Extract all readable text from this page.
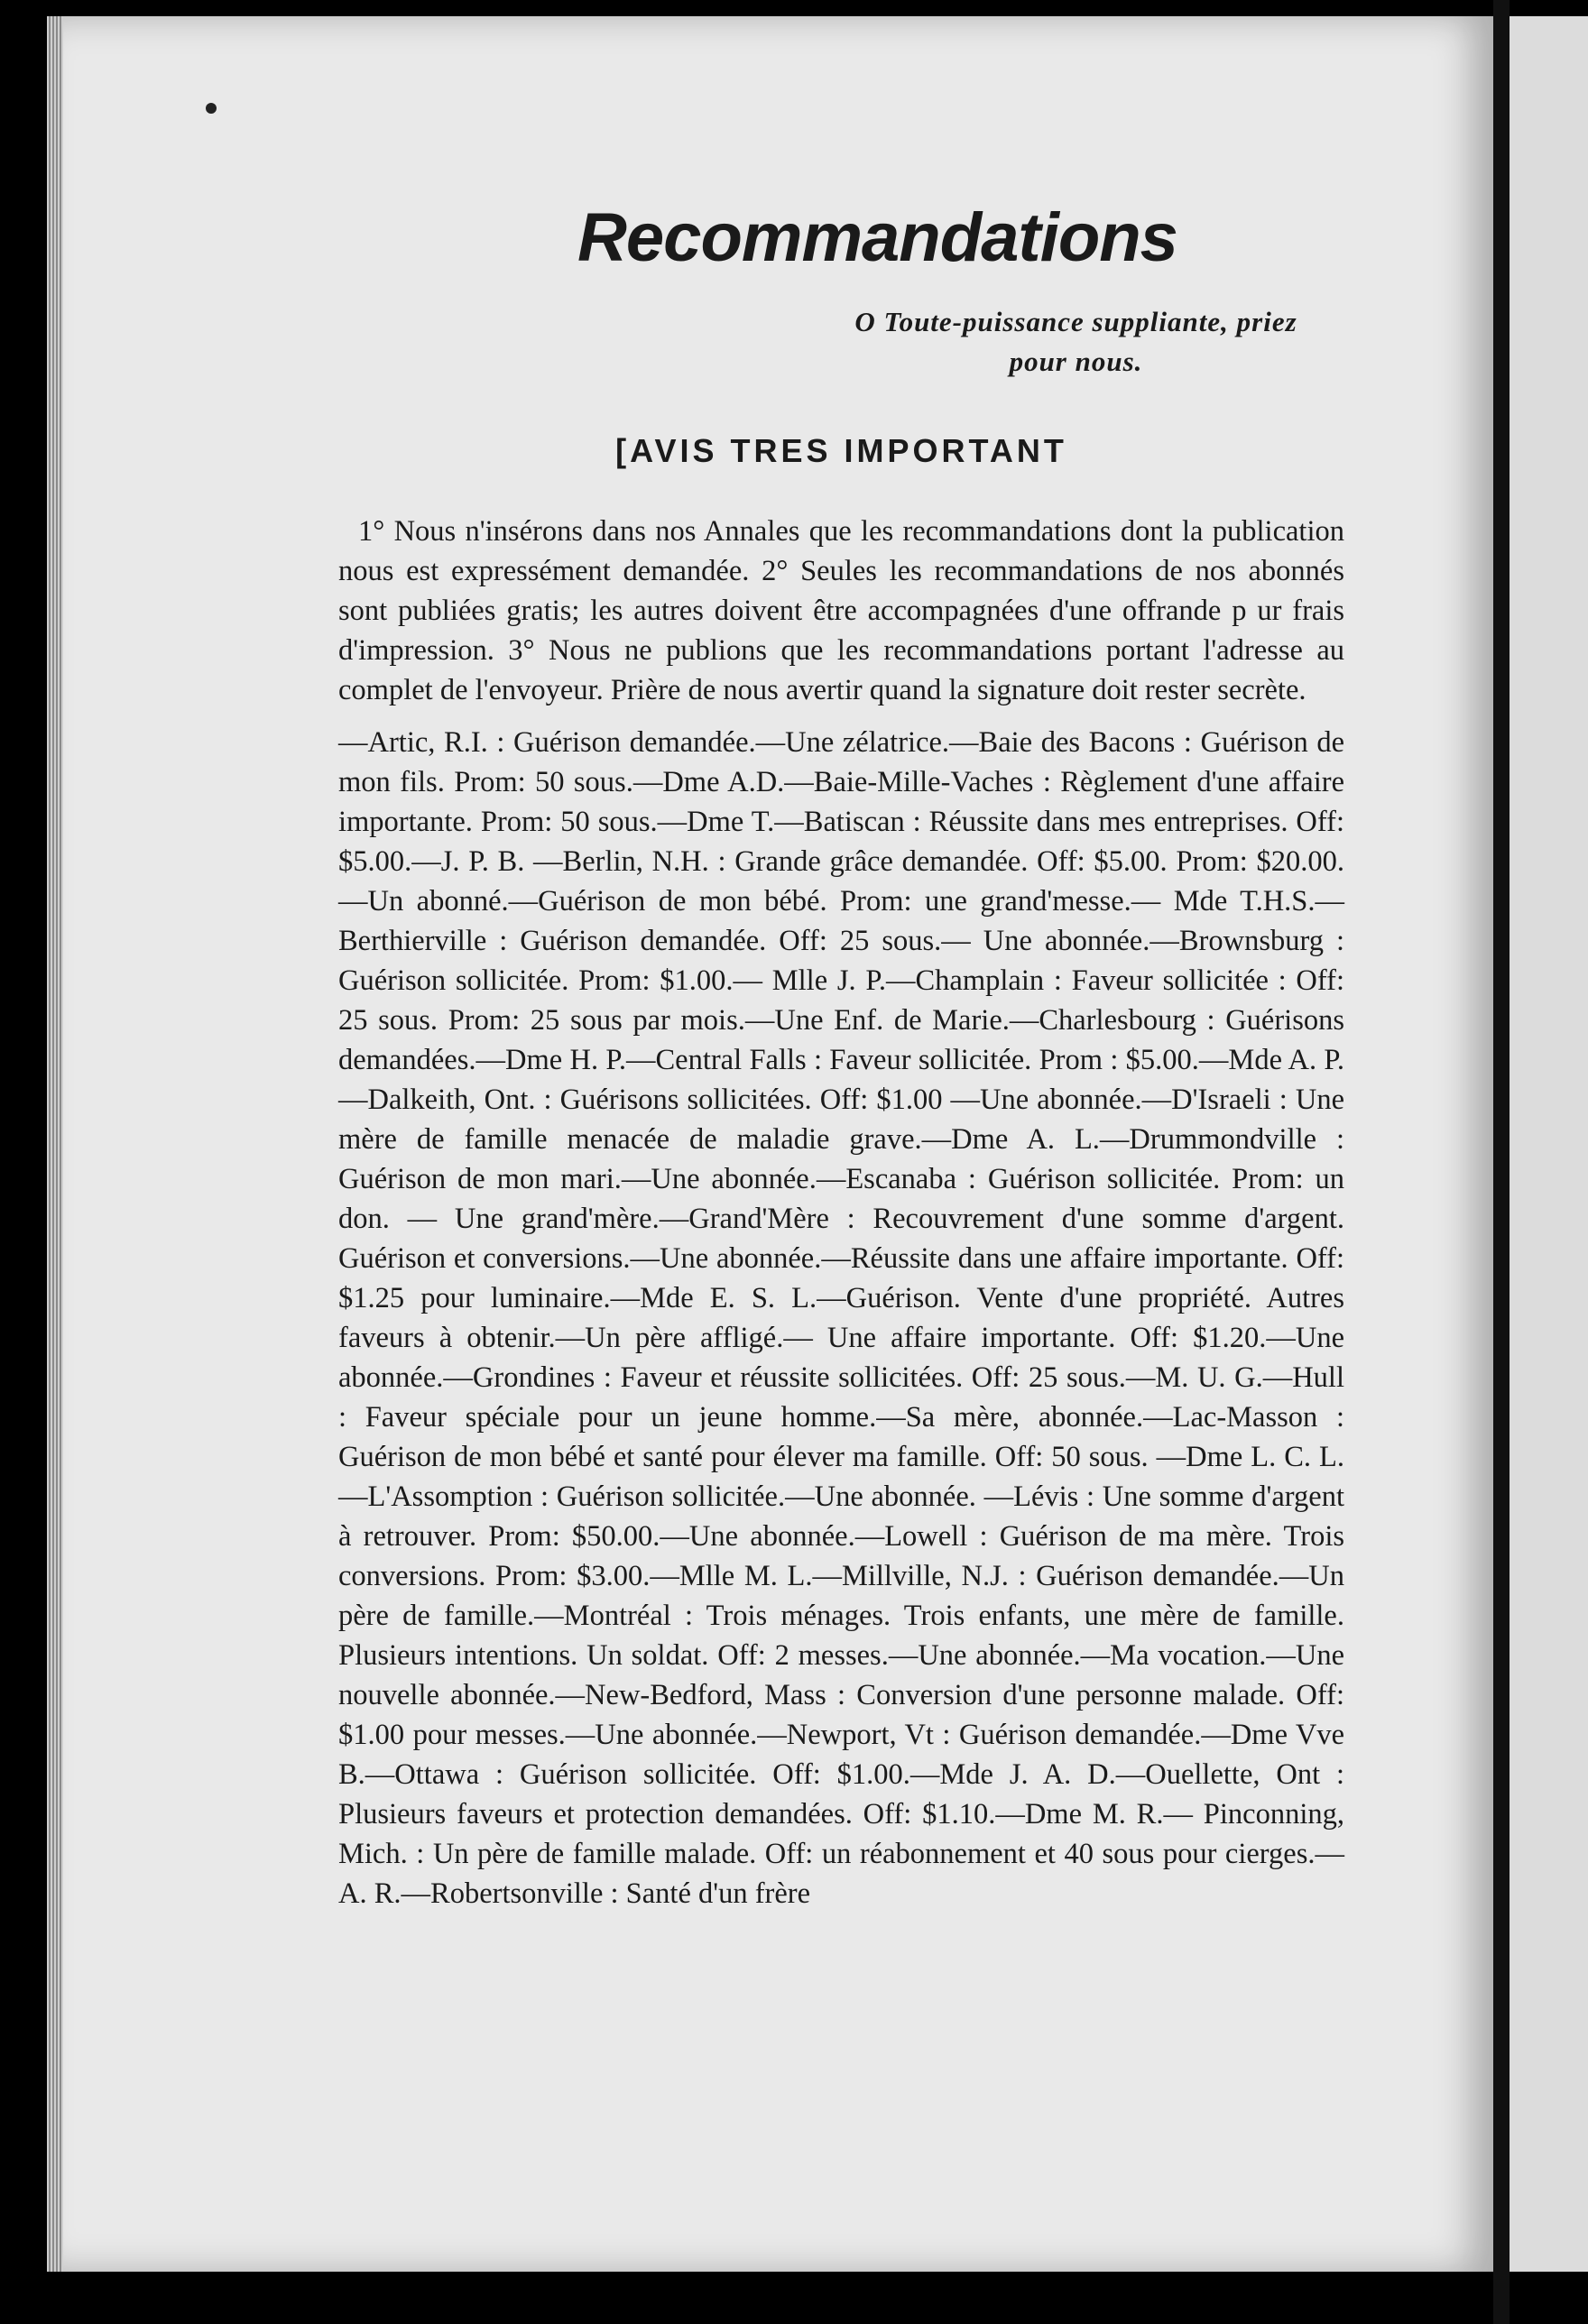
Recommandations
O Toute-puissance suppliante, priez
pour nous.
[AVIS TRES IMPORTANT

1° Nous n'insérons dans nos Annales que les recommandations dont la publication nous est expressément demandée. 2° Seules les recommandations de nos abonnés sont publiées gratis; les autres doivent être accompagnées d'une offrande p ur frais d'impression. 3° Nous ne publions que les recommandations portant l'adresse au complet de l'envoyeur. Prière de nous avertir quand la signature doit rester secrète.

—Artic, R.I. : Guérison demandée.—Une zélatrice.—Baie des Bacons : Guérison de mon fils. Prom: 50 sous.—Dme A.D.—Baie-Mille-Vaches : Règlement d'une affaire importante. Prom: 50 sous.—Dme T.—Batiscan : Réussite dans mes entreprises. Off: $5.00.—J. P. B. —Berlin, N.H. : Grande grâce demandée. Off: $5.00. Prom: $20.00. —Un abonné.—Guérison de mon bébé. Prom: une grand'messe.— Mde T.H.S.—Berthierville : Guérison demandée. Off: 25 sous.— Une abonnée.—Brownsburg : Guérison sollicitée. Prom: $1.00.— Mlle J. P.—Champlain : Faveur sollicitée : Off: 25 sous. Prom: 25 sous par mois.—Une Enf. de Marie.—Charlesbourg : Guérisons demandées.—Dme H. P.—Central Falls : Faveur sollicitée. Prom : $5.00.—Mde A. P.—Dalkeith, Ont. : Guérisons sollicitées. Off: $1.00 —Une abonnée.—D'Israeli : Une mère de famille menacée de maladie grave.—Dme A. L.—Drummondville : Guérison de mon mari.—Une abonnée.—Escanaba : Guérison sollicitée. Prom: un don. — Une grand'mère.—Grand'Mère : Recouvrement d'une somme d'argent. Guérison et conversions.—Une abonnée.—Réussite dans une affaire importante. Off: $1.25 pour luminaire.—Mde E. S. L.—Guérison. Vente d'une propriété. Autres faveurs à obtenir.—Un père affligé.— Une affaire importante. Off: $1.20.—Une abonnée.—Grondines : Faveur et réussite sollicitées. Off: 25 sous.—M. U. G.—Hull : Faveur spéciale pour un jeune homme.—Sa mère, abonnée.—Lac-Masson : Guérison de mon bébé et santé pour élever ma famille. Off: 50 sous. —Dme L. C. L.—L'Assomption : Guérison sollicitée.—Une abonnée. —Lévis : Une somme d'argent à retrouver. Prom: $50.00.—Une abonnée.—Lowell : Guérison de ma mère. Trois conversions. Prom: $3.00.—Mlle M. L.—Millville, N.J. : Guérison demandée.—Un père de famille.—Montréal : Trois ménages. Trois enfants, une mère de famille. Plusieurs intentions. Un soldat. Off: 2 messes.—Une abonnée.—Ma vocation.—Une nouvelle abonnée.—New-Bedford, Mass : Conversion d'une personne malade. Off: $1.00 pour messes.—Une abonnée.—Newport, Vt : Guérison demandée.—Dme Vve B.—Ottawa : Guérison sollicitée. Off: $1.00.—Mde J. A. D.—Ouellette, Ont : Plusieurs faveurs et protection demandées. Off: $1.10.—Dme M. R.— Pinconning, Mich. : Un père de famille malade. Off: un réabonnement et 40 sous pour cierges.—A. R.—Robertsonville : Santé d'un frère
